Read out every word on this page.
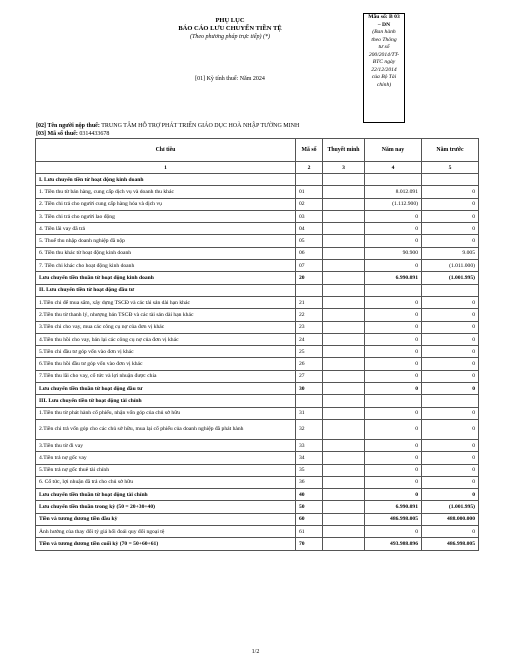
PHỤ LỤC
BÁO CÁO LƯU CHUYỂN TIỀN TỆ
(Theo phương pháp trực tiếp) (*)
[01] Kỳ tính thuế: Năm 2024
Mẫu số: B 03
– DN
(Ban hành
theo Thông
tư số
200/2014/TT-
BTC ngày
22/12/2014
của Bộ Tài
chính)
[02] Tên người nộp thuế: TRUNG TÂM HỖ TRỢ PHÁT TRIỂN GIÁO DỤC HOÀ NHẬP TƯỜNG MINH
[03] Mã số thuế: 0314433678
Chỉ tiêu	Mã số	Thuyết minh	Năm nay	Năm trước
1	2	3	4	5
I. Lưu chuyển tiền từ hoạt động kinh doanh				
1. Tiền thu từ bán hàng, cung cấp dịch vụ và doanh thu khác	01		8.012.091	0
2. Tiền chi trả cho người cung cấp hàng hóa và dịch vụ	02		(1.112.900)	0
3. Tiền chi trả cho người lao động	03		0	0
4. Tiền lãi vay đã trả	04		0	0
5. Thuế thu nhập doanh nghiệp đã nộp	05		0	0
6. Tiền thu khác từ hoạt động kinh doanh	06		90.900	9.005
7. Tiền chi khác cho hoạt động kinh doanh	07		0	(1.011.000)
Lưu chuyển tiền thuần từ hoạt động kinh doanh	20		6.990.091	(1.001.995)
II. Lưu chuyển tiền từ hoạt động đầu tư				
1.Tiền chi để mua sắm, xây dựng TSCĐ và các tài sản dài hạn khác	21		0	0
2.Tiền thu từ thanh lý, nhượng bán TSCĐ và các tài sản dài hạn khác	22		0	0
3.Tiền chi cho vay, mua các công cụ nợ của đơn vị khác	23		0	0
4.Tiền thu hồi cho vay, bán lại các công cụ nợ của đơn vị khác	24		0	0
5.Tiền chi đầu tư góp vốn vào đơn vị khác	25		0	0
6.Tiền thu hồi đầu tư góp vốn vào đơn vị khác	26		0	0
7.Tiền thu lãi cho vay, cổ tức và lợi nhuận được chia	27		0	0
Lưu chuyển tiền thuần từ hoạt động đầu tư	30		0	0
III. Lưu chuyển tiền từ hoạt động tài chính				
1.Tiền thu từ phát hành cổ phiếu, nhận vốn góp của chủ sở hữu	31		0	0
2.Tiền chi trả vốn góp cho các chủ sở hữu, mua lại cổ phiếu của doanh nghiệp đã phát hành	32		0	0
3.Tiền thu từ đi vay	33		0	0
4.Tiền trả nợ gốc vay	34		0	0
5.Tiền trả nợ gốc thuê tài chính	35		0	0
6. Cổ tức, lợi nhuận đã trả cho chủ sở hữu	36		0	0
Lưu chuyển tiền thuần từ hoạt động tài chính	40		0	0
Lưu chuyển tiền thuần trong kỳ (50 = 20+30+40)	50		6.990.091	(1.001.995)
Tiền và tương đương tiền đầu kỳ	60		486.998.005	488.000.000
Ảnh hưởng của thay đổi tỷ giá hối đoái quy đổi ngoại tệ	61		0	0
Tiền và tương đương tiền cuối kỳ (70 = 50+60+61)	70		493.988.096	486.998.005
1/2
